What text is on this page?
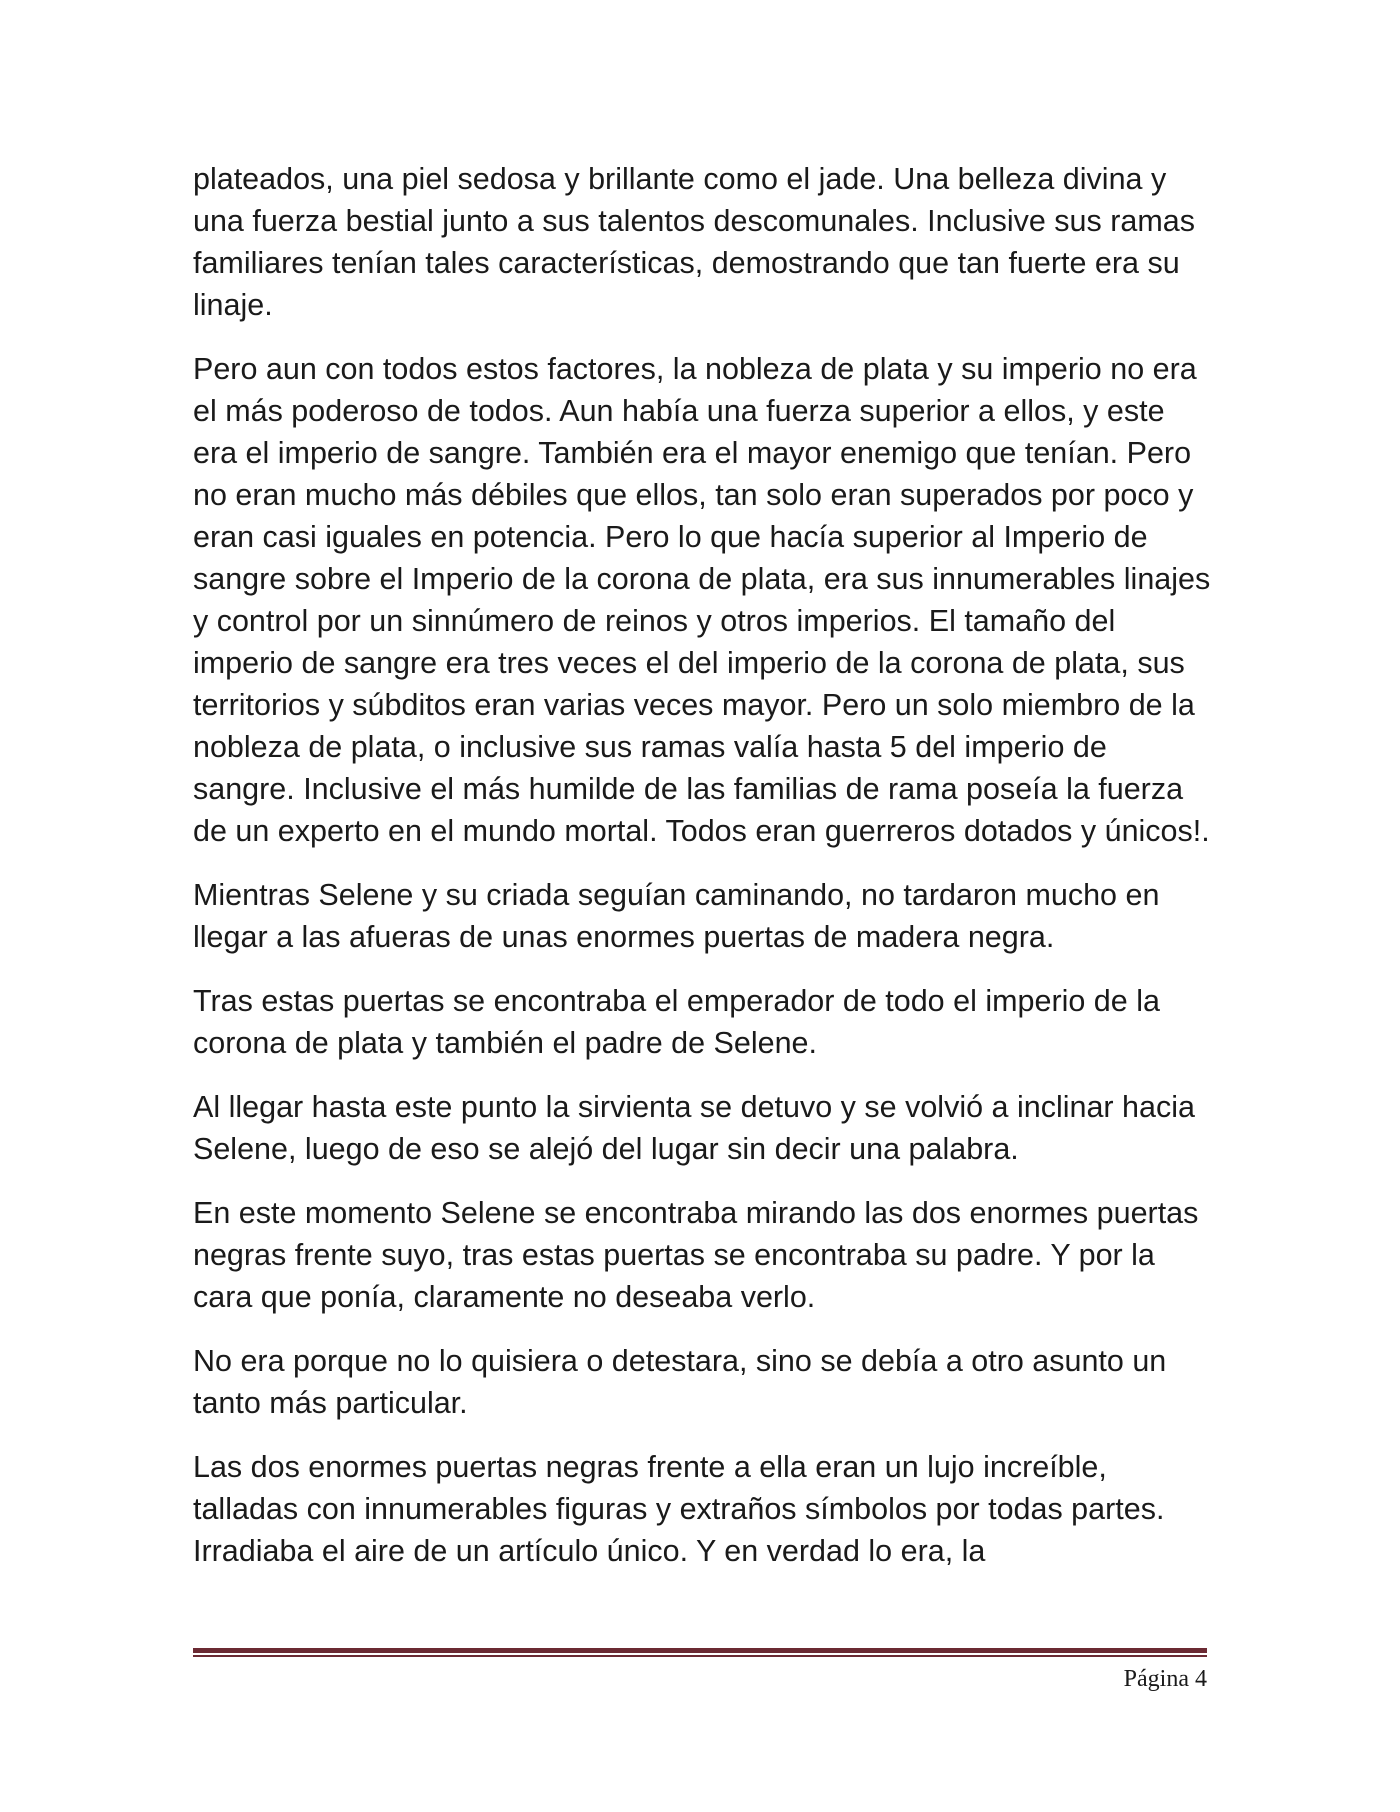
plateados, una piel sedosa y brillante como el jade. Una belleza divina y una fuerza bestial junto a sus talentos descomunales. Inclusive sus ramas familiares tenían tales características, demostrando que tan fuerte era su linaje.

Pero aun con todos estos factores, la nobleza de plata y su imperio no era el más poderoso de todos. Aun había una fuerza superior a ellos, y este era el imperio de sangre. También era el mayor enemigo que tenían. Pero no eran mucho más débiles que ellos, tan solo eran superados por poco y eran casi iguales en potencia. Pero lo que hacía superior al Imperio de sangre sobre el Imperio de la corona de plata, era sus innumerables linajes y control por un sinnúmero de reinos y otros imperios. El tamaño del imperio de sangre era tres veces el del imperio de la corona de plata, sus territorios y súbditos eran varias veces mayor. Pero un solo miembro de la nobleza de plata, o inclusive sus ramas valía hasta 5 del imperio de sangre. Inclusive el más humilde de las familias de rama poseía la fuerza de un experto en el mundo mortal. Todos eran guerreros dotados y únicos!.

Mientras Selene y su criada seguían caminando, no tardaron mucho en llegar a las afueras de unas enormes puertas de madera negra.

Tras estas puertas se encontraba el emperador de todo el imperio de la corona de plata y también el padre de Selene.

Al llegar hasta este punto la sirvienta se detuvo y se volvió a inclinar hacia Selene, luego de eso se alejó del lugar sin decir una palabra.

En este momento Selene se encontraba mirando las dos enormes puertas negras frente suyo, tras estas puertas se encontraba su padre. Y por la cara que ponía, claramente no deseaba verlo.

No era porque no lo quisiera o detestara, sino se debía a otro asunto un tanto más particular.

Las dos enormes puertas negras frente a ella eran un lujo increíble, talladas con innumerables figuras y extraños símbolos por todas partes. Irradiaba el aire de un artículo único. Y en verdad lo era, la

Página 4
